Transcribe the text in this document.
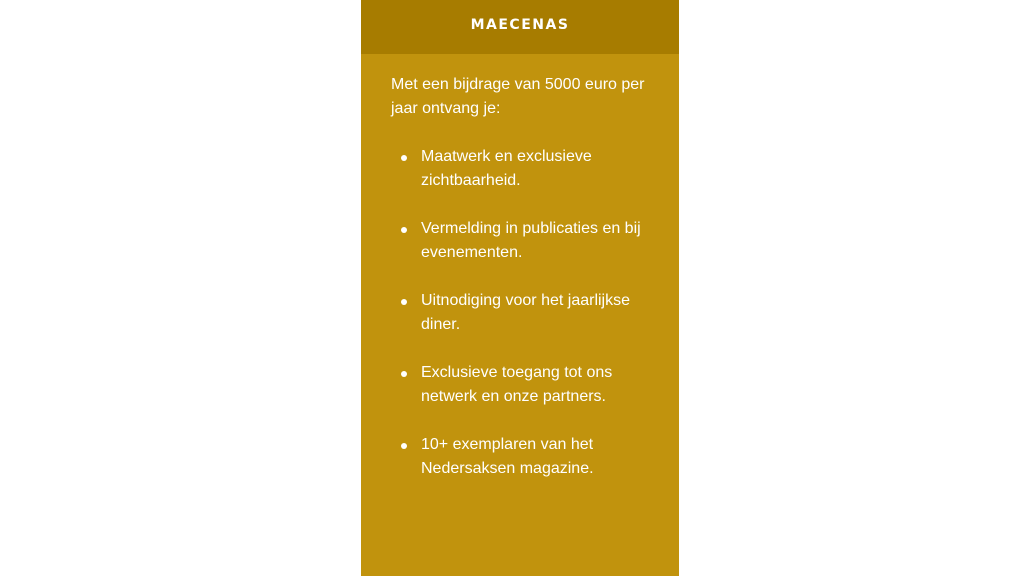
MAECENAS

Met een bijdrage van 5000 euro per jaar ontvang je:

Maatwerk en exclusieve zichtbaarheid.
Vermelding in publicaties en bij evenementen.
Uitnodiging voor het jaarlijkse diner.
Exclusieve toegang tot ons netwerk en onze partners.
10+ exemplaren van het Nedersaksen magazine.
